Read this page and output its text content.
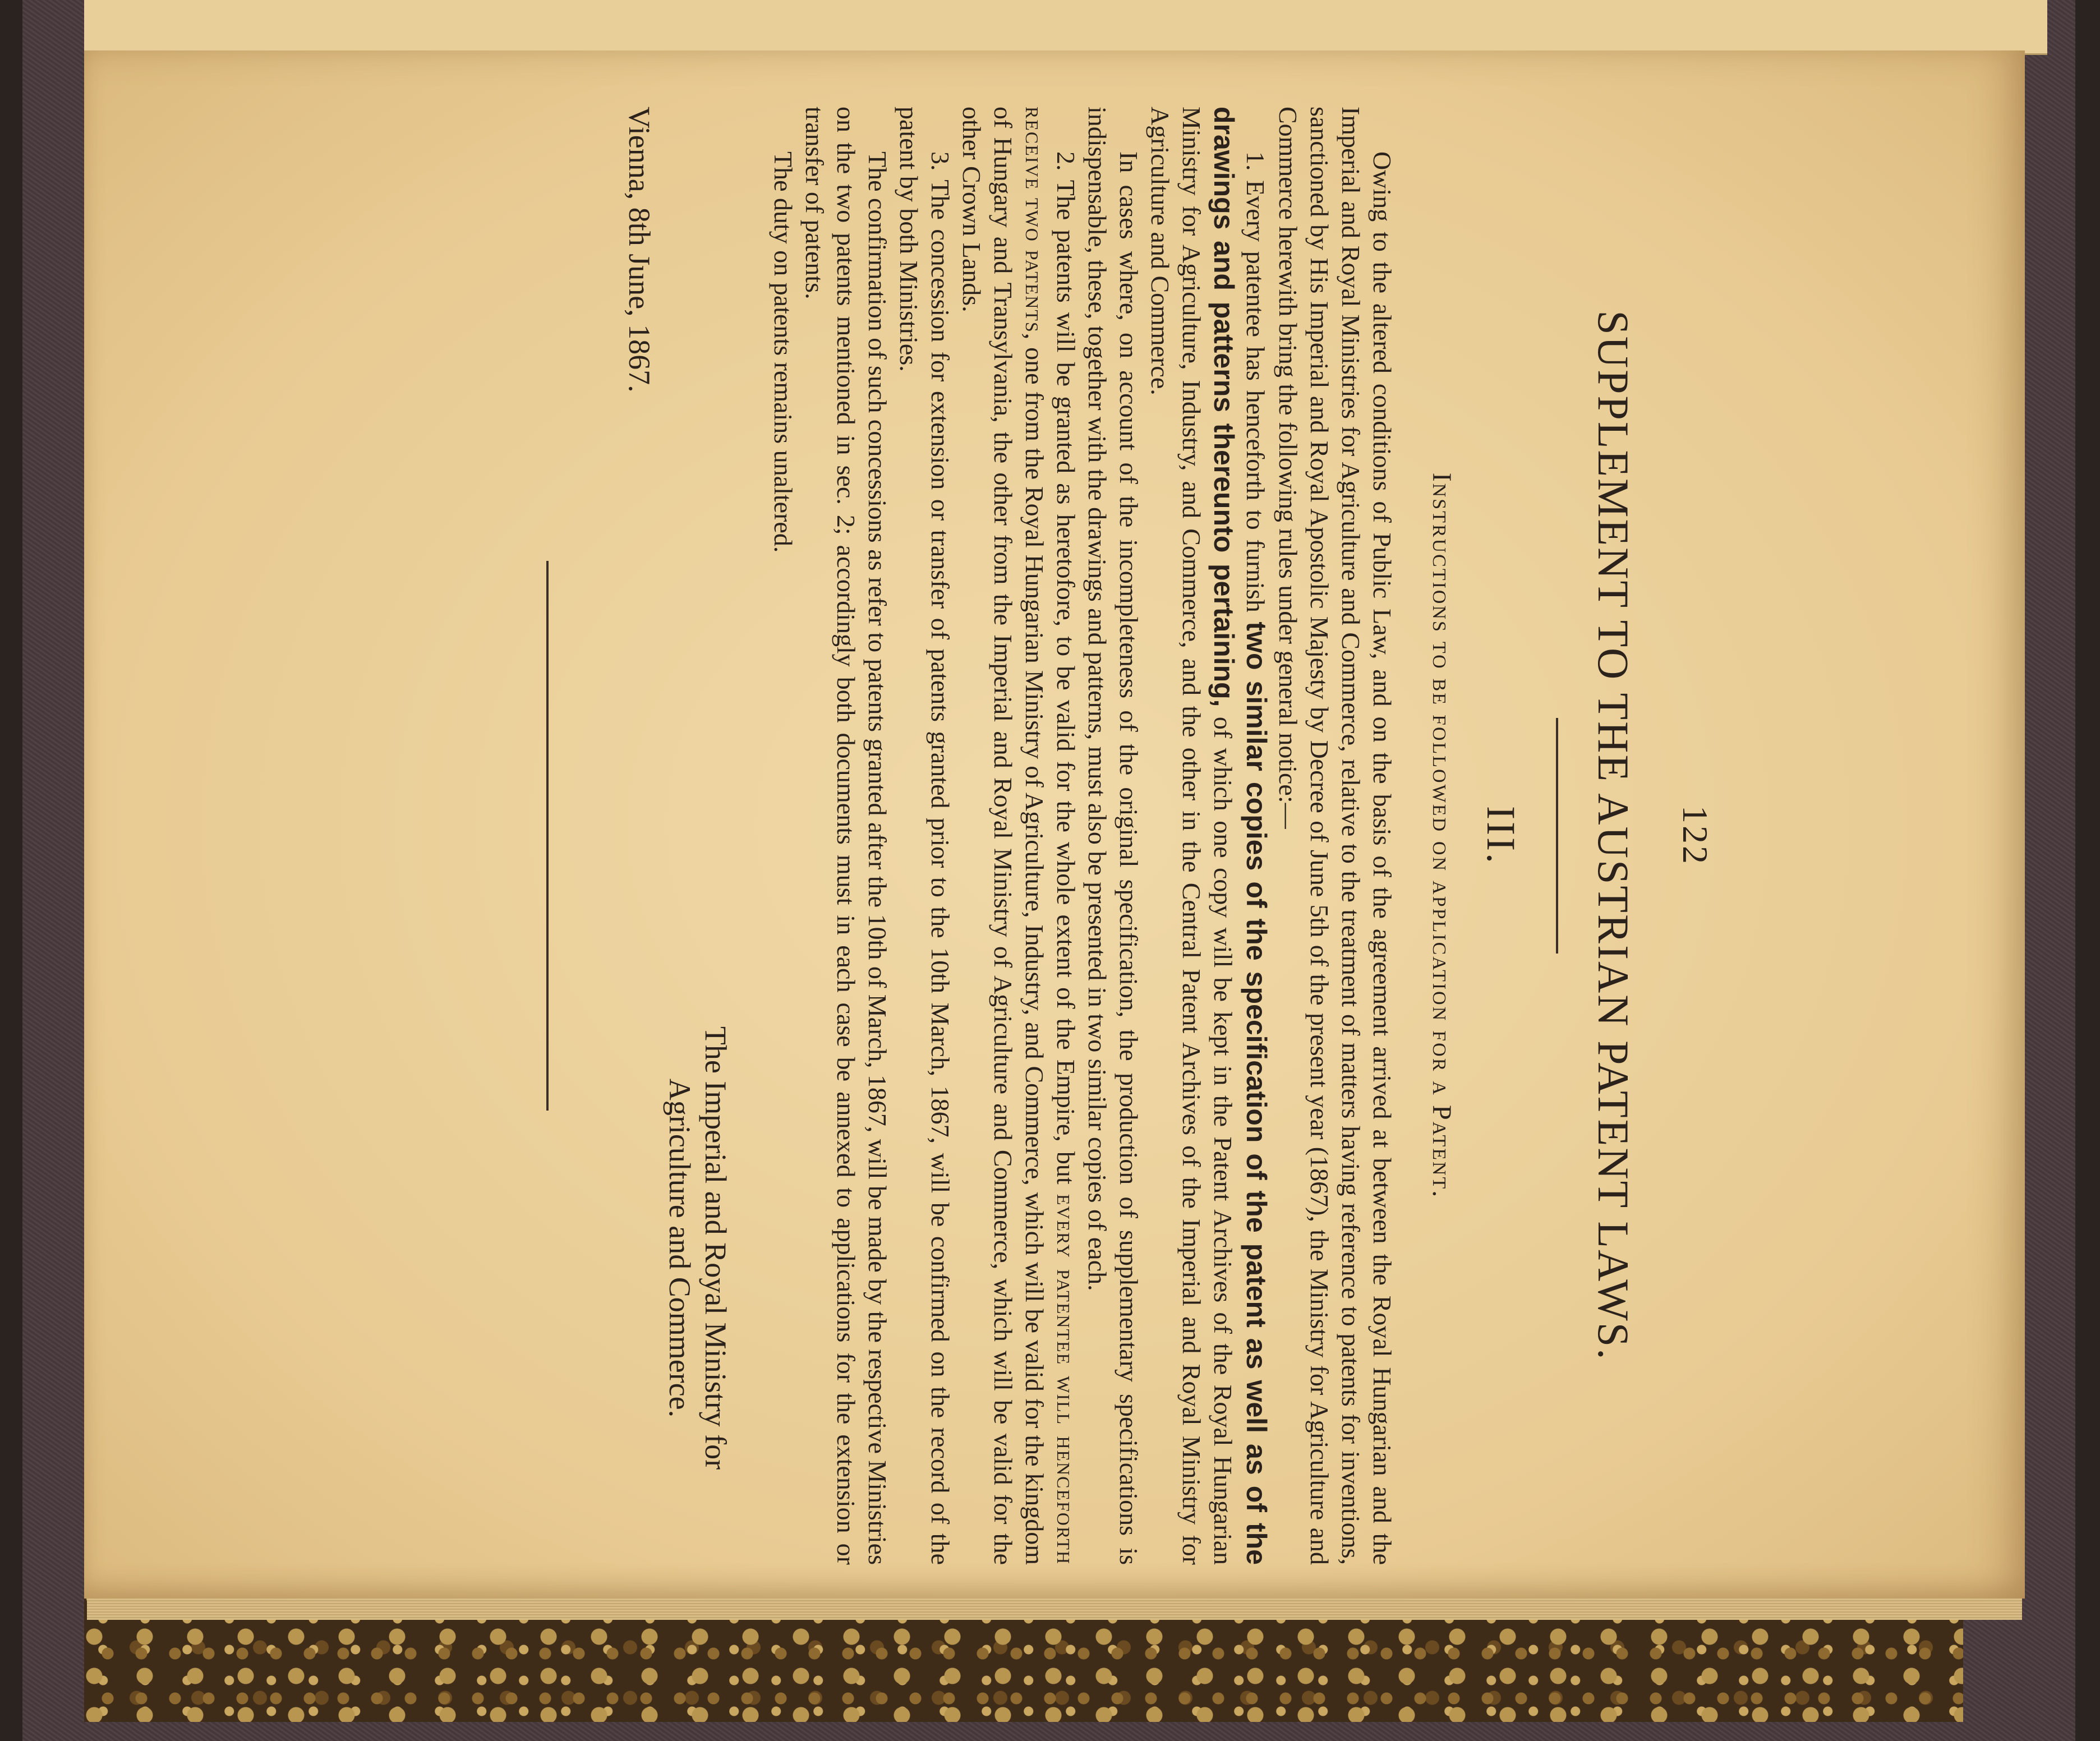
122
SUPPLEMENT TO THE AUSTRIAN PATENT LAWS.
III.
Instructions to be followed on application for a Patent.

Owing to the altered conditions of Public Law, and on the basis of the agreement arrived at between the Royal Hungarian and the Imperial and Royal Ministries for Agriculture and Commerce, relative to the treatment of matters having reference to patents for inventions, sanctioned by His Imperial and Royal Apostolic Majesty by Decree of June 5th of the present year (1867), the Ministry for Agriculture and Commerce herewith bring the following rules under general notice:—

1. Every patentee has henceforth to furnish two similar copies of the specification of the patent as well as of the drawings and patterns thereunto pertaining, of which one copy will be kept in the Patent Archives of the Royal Hungarian Ministry for Agriculture, Industry, and Commerce, and the other in the Central Patent Archives of the Imperial and Royal Ministry for Agriculture and Commerce.

In cases where, on account of the incompleteness of the original specification, the production of supplementary specifications is indispensable, these, together with the drawings and patterns, must also be presented in two similar copies of each.

2. The patents will be granted as heretofore, to be valid for the whole extent of the Empire, but every patentee will henceforth receive two patents, one from the Royal Hungarian Ministry of Agriculture, Industry, and Commerce, which will be valid for the kingdom of Hungary and Transylvania, the other from the Imperial and Royal Ministry of Agriculture and Commerce, which will be valid for the other Crown Lands.

3. The concession for extension or transfer of patents granted prior to the 10th March, 1867, will be confirmed on the record of the patent by both Ministries.

The confirmation of such concessions as refer to patents granted after the 10th of March, 1867, will be made by the respective Ministries on the two patents mentioned in sec. 2; accordingly both documents must in each case be annexed to applications for the extension or transfer of patents.

The duty on patents remains unaltered.

The Imperial and Royal Ministry for
Agriculture and Commerce.
Vienna, 8th June, 1867.
